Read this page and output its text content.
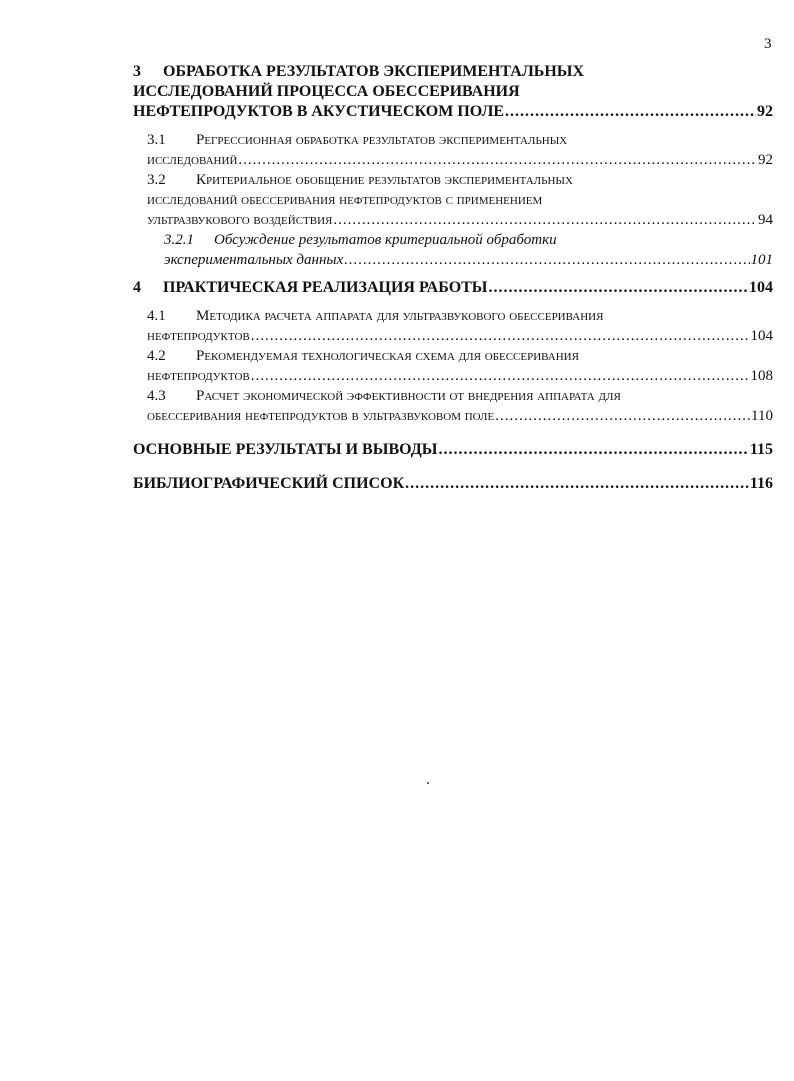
3
3 ОБРАБОТКА РЕЗУЛЬТАТОВ ЭКСПЕРИМЕНТАЛЬНЫХ
ИССЛЕДОВАНИЙ ПРОЦЕССА ОБЕССЕРИВАНИЯ
НЕФТЕПРОДУКТОВ В АКУСТИЧЕСКОМ ПОЛЕ .....	92
3.1 Регрессионная обработка результатов экспериментальных
исследований .....	92
3.2 Критериальное обобщение результатов экспериментальных
исследований обессеривания нефтепродуктов с применением
ультразвукового воздействия .....	94
3.2.1 Обсуждение результатов критериальной обработки
экспериментальных данных .....	101
4 ПРАКТИЧЕСКАЯ РЕАЛИЗАЦИЯ РАБОТЫ .....	104
4.1 Методика расчета аппарата для ультразвукового обессеривания
нефтепродуктов .....	104
4.2 Рекомендуемая технологическая схема для обессеривания
нефтепродуктов .....	108
4.3 Расчет экономической эффективности от внедрения аппарата для
обессеривания нефтепродуктов в ультразвуковом поле .....	110
ОСНОВНЫЕ РЕЗУЛЬТАТЫ И ВЫВОДЫ .....	115
БИБЛИОГРАФИЧЕСКИЙ СПИСОК .....	116
